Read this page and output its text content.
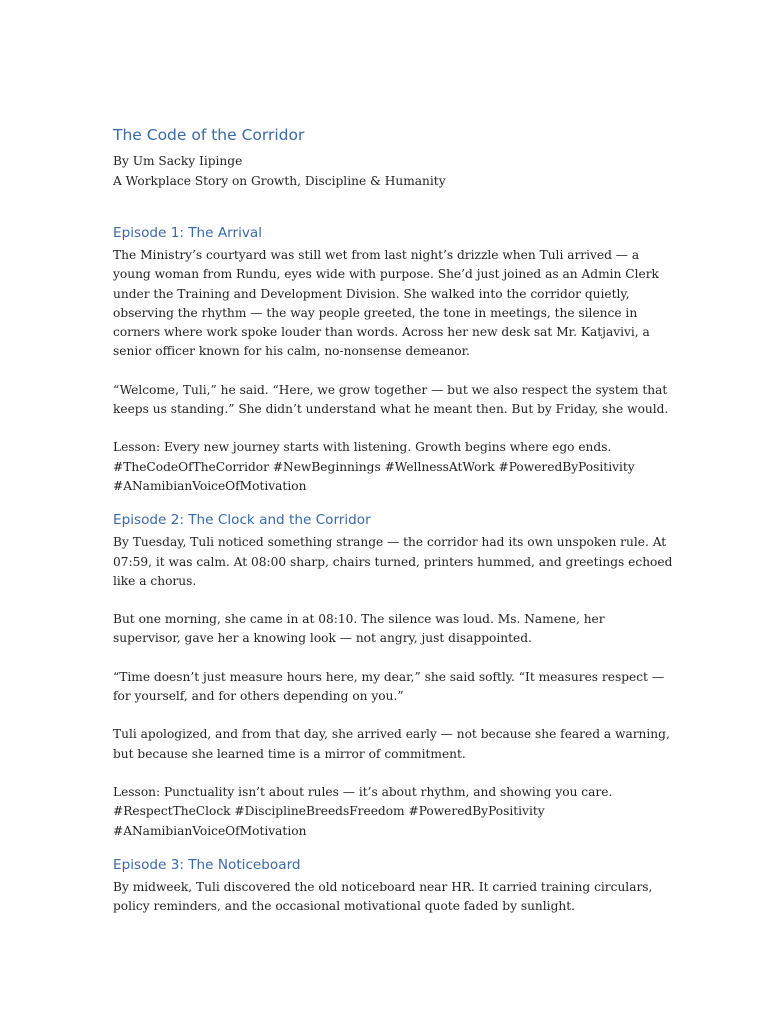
The Code of the Corridor

By Um Sacky Iipinge

A Workplace Story on Growth, Discipline & Humanity

Episode 1: The Arrival

The Ministry’s courtyard was still wet from last night’s drizzle when Tuli arrived — a young woman from Rundu, eyes wide with purpose. She’d just joined as an Admin Clerk under the Training and Development Division. She walked into the corridor quietly, observing the rhythm — the way people greeted, the tone in meetings, the silence in corners where work spoke louder than words. Across her new desk sat Mr. Katjavivi, a senior officer known for his calm, no-nonsense demeanor.

“Welcome, Tuli,” he said. “Here, we grow together — but we also respect the system that keeps us standing.” She didn’t understand what he meant then. But by Friday, she would.

Lesson: Every new journey starts with listening. Growth begins where ego ends.

#TheCodeOfTheCorridor #NewBeginnings #WellnessAtWork #PoweredByPositivity #ANamibianVoiceOfMotivation

Episode 2: The Clock and the Corridor

By Tuesday, Tuli noticed something strange — the corridor had its own unspoken rule. At 07:59, it was calm. At 08:00 sharp, chairs turned, printers hummed, and greetings echoed like a chorus.

But one morning, she came in at 08:10. The silence was loud. Ms. Namene, her supervisor, gave her a knowing look — not angry, just disappointed.

“Time doesn’t just measure hours here, my dear,” she said softly. “It measures respect — for yourself, and for others depending on you.”

Tuli apologized, and from that day, she arrived early — not because she feared a warning, but because she learned time is a mirror of commitment.

Lesson: Punctuality isn’t about rules — it’s about rhythm, and showing you care.

#RespectTheClock #DisciplineBreedsFreedom #PoweredByPositivity #ANamibianVoiceOfMotivation

Episode 3: The Noticeboard

By midweek, Tuli discovered the old noticeboard near HR. It carried training circulars, policy reminders, and the occasional motivational quote faded by sunlight.
